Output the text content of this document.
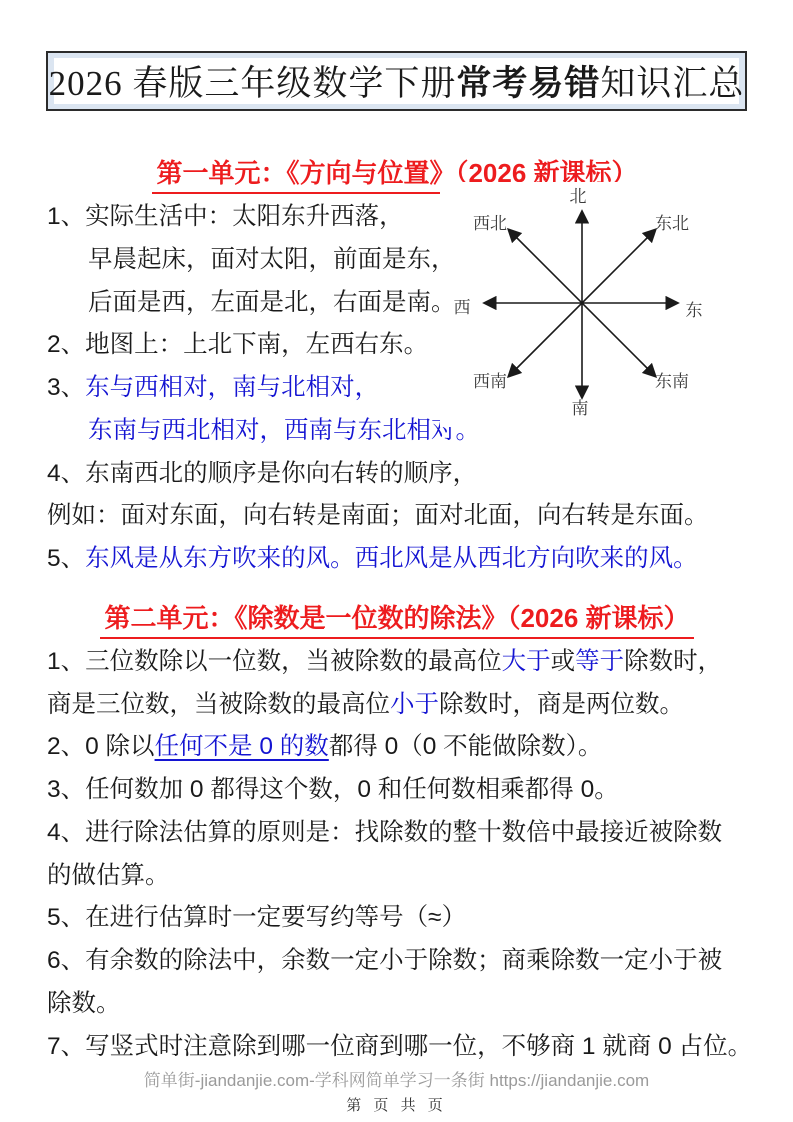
2026 春版三年级数学下册 常考易错 知识汇总
第一单元：《方向与位置》（2026 新课标）
1、实际生活中：太阳东升西落，
早晨起床，面对太阳，前面是东，
后面是西，左面是北，右面是南。
2、地图上：上北下南，左西右东。
3、东与西相对，南与北相对，
东南与西北相对，西南与东北相对。
4、东南西北的顺序是你向右转的顺序，
例如：面对东面，向右转是南面；面对北面，向右转是东面。
5、东风是从东方吹来的风。西北风是从西北方向吹来的风。
第二单元：《除数是一位数的除法》（2026 新课标）
1、三位数除以一位数，当被除数的最高位大于或等于除数时，
商是三位数，当被除数的最高位小于除数时，商是两位数。
2、0 除以任何不是 0 的数都得 0（0 不能做除数）。
3、任何数加 0 都得这个数，0 和任何数相乘都得 0。
4、进行除法估算的原则是：找除数的整十数倍中最接近被除数
的做估算。
5、在进行估算时一定要写约等号（≈）
6、有余数的除法中，余数一定小于除数；商乘除数一定小于被
除数。
7、写竖式时注意除到哪一位商到哪一位，不够商 1 就商 0 占位。
北
东北
东
东南
南
西南
西
西北
简单街-jiandanjie.com-学科网简单学习一条街 https://jiandanjie.com
第 页 共 页
